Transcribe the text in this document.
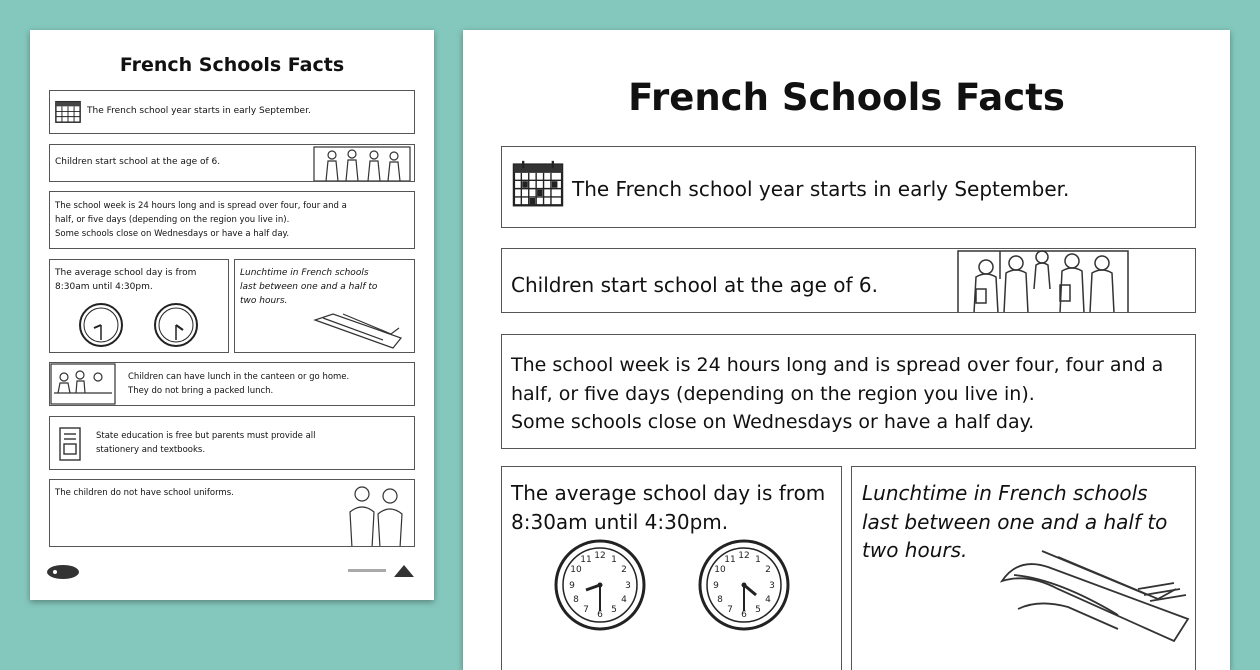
French Schools Facts
The French school year starts in early September.
Children start school at the age of 6.
The school week is 24 hours long and is spread over four, four and a
half, or five days (depending on the region you live in).
Some schools close on Wednesdays or have a half day.
The average school day is from
8:30am until 4:30pm.
Lunchtime in French schools
last between one and a half to
two hours.
Children can have lunch in the canteen or go home.
They do not bring a packed lunch.
State education is free but parents must provide all
stationery and textbooks.
The children do not have school uniforms.
French Schools Facts
The French school year starts in early September.
Children start school at the age of 6.
The school week is 24 hours long and is spread over four, four and a
half, or five days (depending on the region you live in).
Some schools close on Wednesdays or have a half day.
The average school day is from
8:30am until 4:30pm.
12 1
2
3
4
5
6
7
8
9
10
11	12 1
2
3
4
5
6
7
8
9
10
11
Lunchtime in French schools
last between one and a half to
two hours.
